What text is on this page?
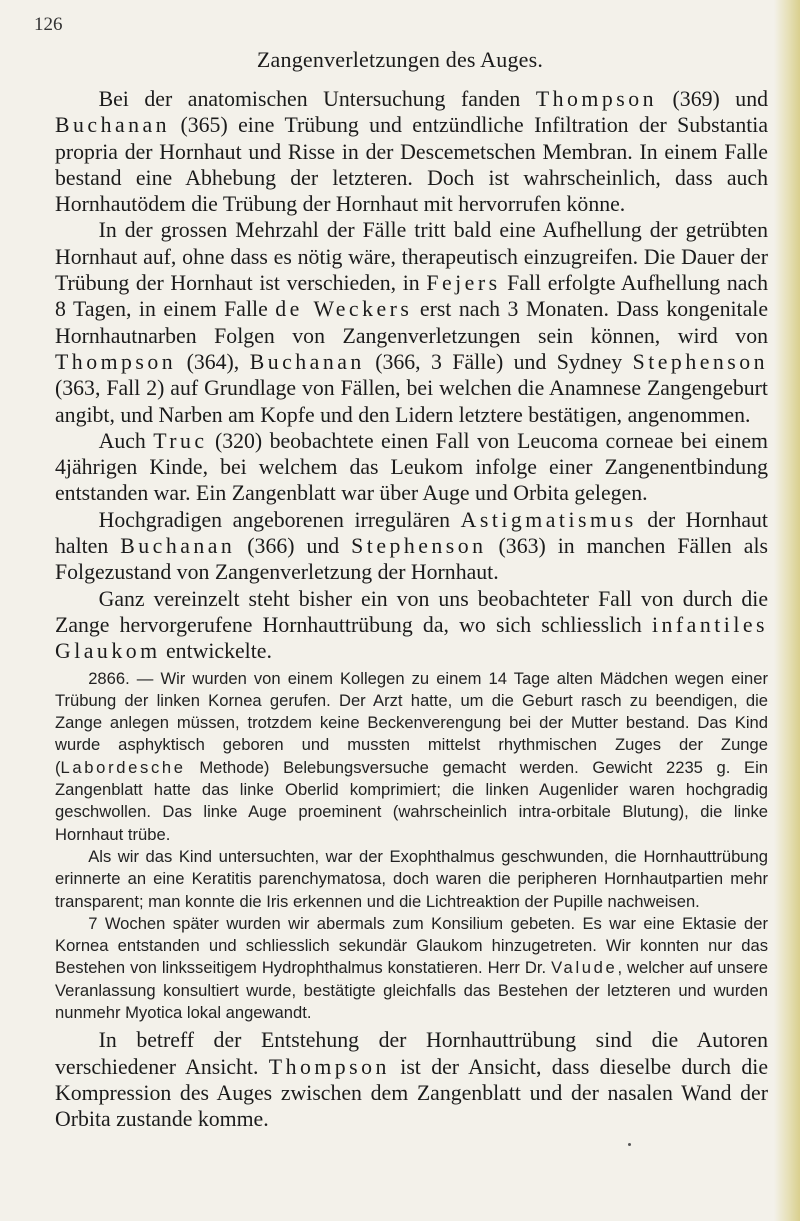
126
Zangenverletzungen des Auges.

Bei der anatomischen Untersuchung fanden Thompson (369) und Buchanan (365) eine Trübung und entzündliche Infiltration der Substantia propria der Hornhaut und Risse in der Descemetschen Membran. In einem Falle bestand eine Abhebung der letzteren. Doch ist wahrscheinlich, dass auch Hornhautödem die Trübung der Hornhaut mit hervorrufen könne.

In der grossen Mehrzahl der Fälle tritt bald eine Aufhellung der getrübten Hornhaut auf, ohne dass es nötig wäre, therapeutisch einzugreifen. Die Dauer der Trübung der Hornhaut ist verschieden, in Fejers Fall erfolgte Aufhellung nach 8 Tagen, in einem Falle de Weckers erst nach 3 Monaten. Dass kongenitale Hornhautnarben Folgen von Zangenverletzungen sein können, wird von Thompson (364), Buchanan (366, 3 Fälle) und Sydney Stephenson (363, Fall 2) auf Grundlage von Fällen, bei welchen die Anamnese Zangengeburt angibt, und Narben am Kopfe und den Lidern letztere bestätigen, angenommen.

Auch Truc (320) beobachtete einen Fall von Leucoma corneae bei einem 4jährigen Kinde, bei welchem das Leukom infolge einer Zangenentbindung entstanden war. Ein Zangenblatt war über Auge und Orbita gelegen.

Hochgradigen angeborenen irregulären Astigmatismus der Hornhaut halten Buchanan (366) und Stephenson (363) in manchen Fällen als Folgezustand von Zangenverletzung der Hornhaut.

Ganz vereinzelt steht bisher ein von uns beobachteter Fall von durch die Zange hervorgerufene Hornhauttrübung da, wo sich schliesslich infantiles Glaukom entwickelte.

2866. — Wir wurden von einem Kollegen zu einem 14 Tage alten Mädchen wegen einer Trübung der linken Kornea gerufen. Der Arzt hatte, um die Geburt rasch zu beendigen, die Zange anlegen müssen, trotzdem keine Beckenverengung bei der Mutter bestand. Das Kind wurde asphyktisch geboren und mussten mittelst rhythmischen Zuges der Zunge (Labordesche Methode) Belebungsversuche gemacht werden. Gewicht 2235 g. Ein Zangenblatt hatte das linke Oberlid komprimiert; die linken Augenlider waren hochgradig geschwollen. Das linke Auge proeminent (wahrscheinlich intra-orbitale Blutung), die linke Hornhaut trübe.

Als wir das Kind untersuchten, war der Exophthalmus geschwunden, die Hornhauttrübung erinnerte an eine Keratitis parenchymatosa, doch waren die peripheren Hornhautpartien mehr transparent; man konnte die Iris erkennen und die Lichtreaktion der Pupille nachweisen.

7 Wochen später wurden wir abermals zum Konsilium gebeten. Es war eine Ektasie der Kornea entstanden und schliesslich sekundär Glaukom hinzugetreten. Wir konnten nur das Bestehen von linksseitigem Hydrophthalmus konstatieren. Herr Dr. Valude, welcher auf unsere Veranlassung konsultiert wurde, bestätigte gleichfalls das Bestehen der letzteren und wurden nunmehr Myotica lokal angewandt.

In betreff der Entstehung der Hornhauttrübung sind die Autoren verschiedener Ansicht. Thompson ist der Ansicht, dass dieselbe durch die Kompression des Auges zwischen dem Zangenblatt und der nasalen Wand der Orbita zustande komme.
